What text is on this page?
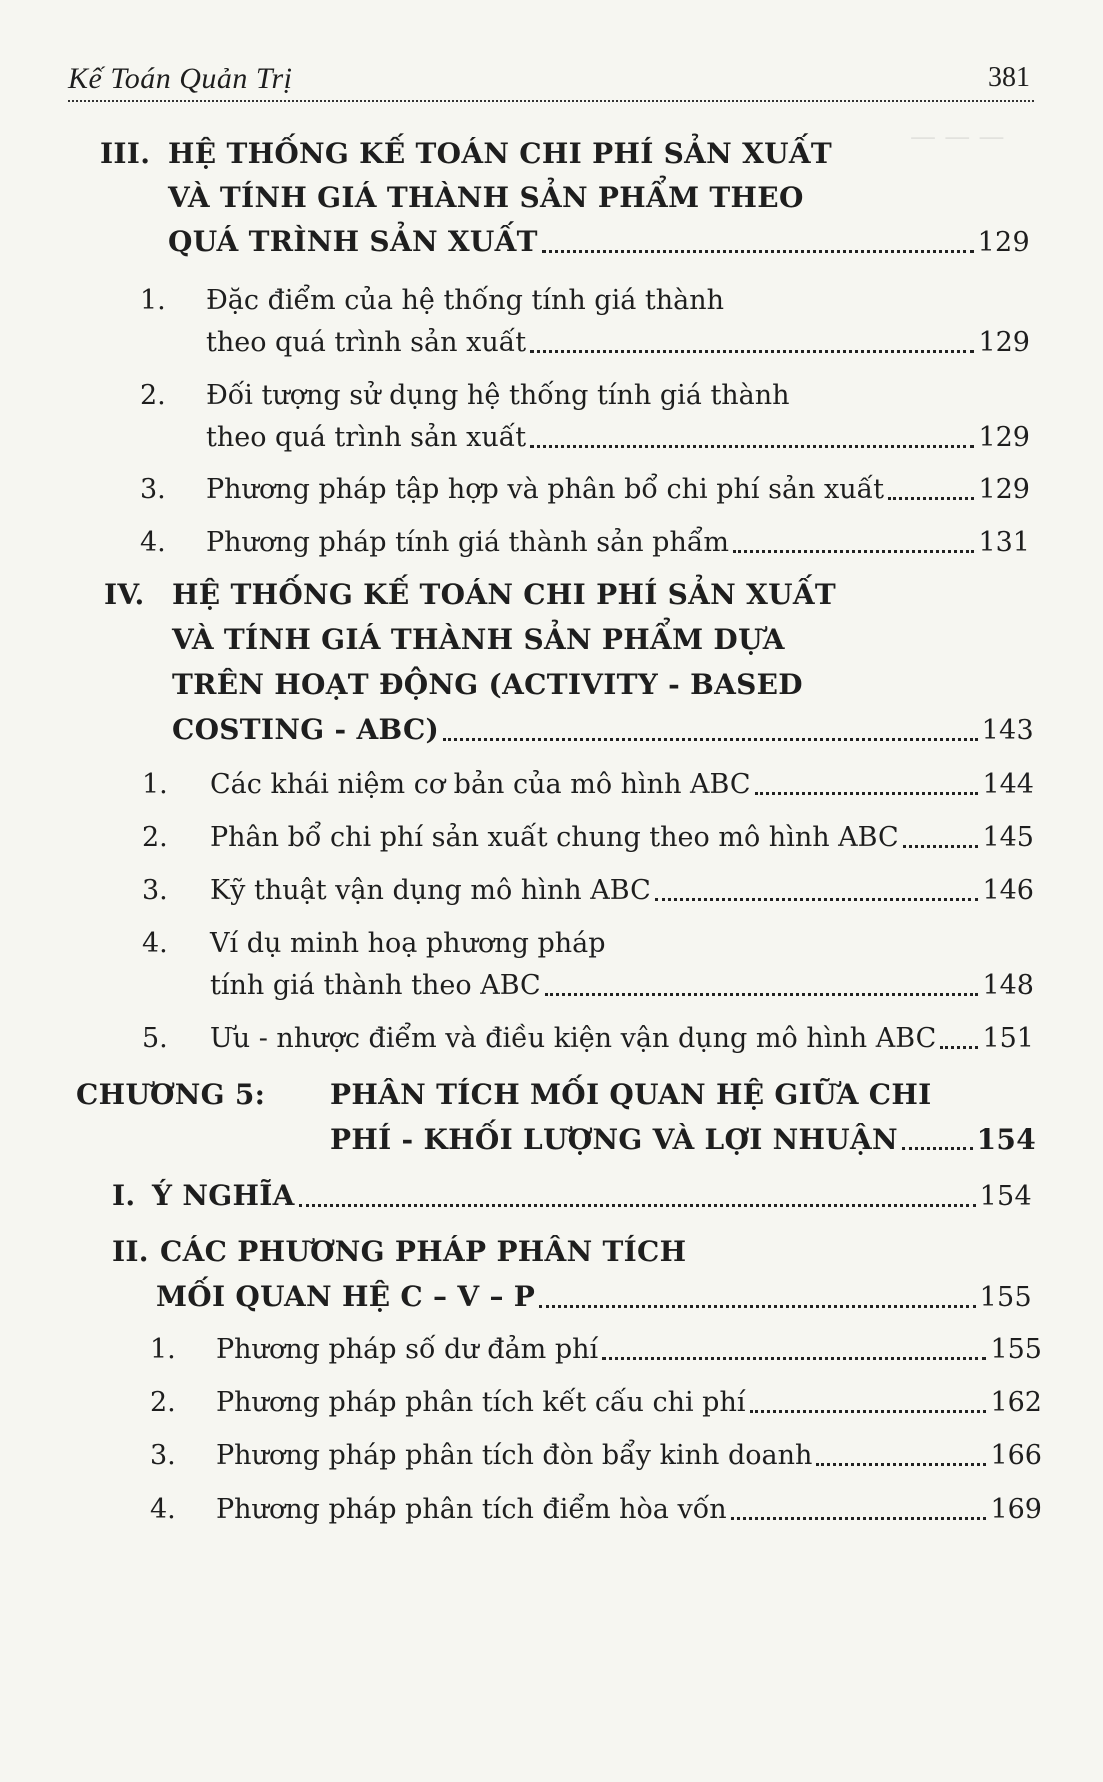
— — —
Kế Toán Quản Trị	381
III. HỆ THỐNG KẾ TOÁN CHI PHÍ SẢN XUẤT
VÀ TÍNH GIÁ THÀNH SẢN PHẨM THEO
QUÁ TRÌNH SẢN XUẤT	129
1. Đặc điểm của hệ thống tính giá thành
theo quá trình sản xuất	129
2. Đối tượng sử dụng hệ thống tính giá thành
theo quá trình sản xuất	129
3. Phương pháp tập hợp và phân bổ chi phí sản xuất	129
4. Phương pháp tính giá thành sản phẩm	131
IV. HỆ THỐNG KẾ TOÁN CHI PHÍ SẢN XUẤT
VÀ TÍNH GIÁ THÀNH SẢN PHẨM DỰA
TRÊN HOẠT ĐỘNG (ACTIVITY - BASED
COSTING - ABC)	143
1. Các khái niệm cơ bản của mô hình ABC	144
2. Phân bổ chi phí sản xuất chung theo mô hình ABC	145
3. Kỹ thuật vận dụng mô hình ABC	146
4. Ví dụ minh hoạ phương pháp
tính giá thành theo ABC	148
5. Ưu - nhược điểm và điều kiện vận dụng mô hình ABC 151
CHƯƠNG 5: PHÂN TÍCH MỐI QUAN HỆ GIỮA CHI
PHÍ - KHỐI LƯỢNG VÀ LỢI NHUẬN	154
I. Ý NGHĨA	154
II. CÁC PHƯƠNG PHÁP PHÂN TÍCH
MỐI QUAN HỆ C – V – P	155
1. Phương pháp số dư đảm phí	155
2. Phương pháp phân tích kết cấu chi phí	162
3. Phương pháp phân tích đòn bẩy kinh doanh	166
4. Phương pháp phân tích điểm hòa vốn	169
